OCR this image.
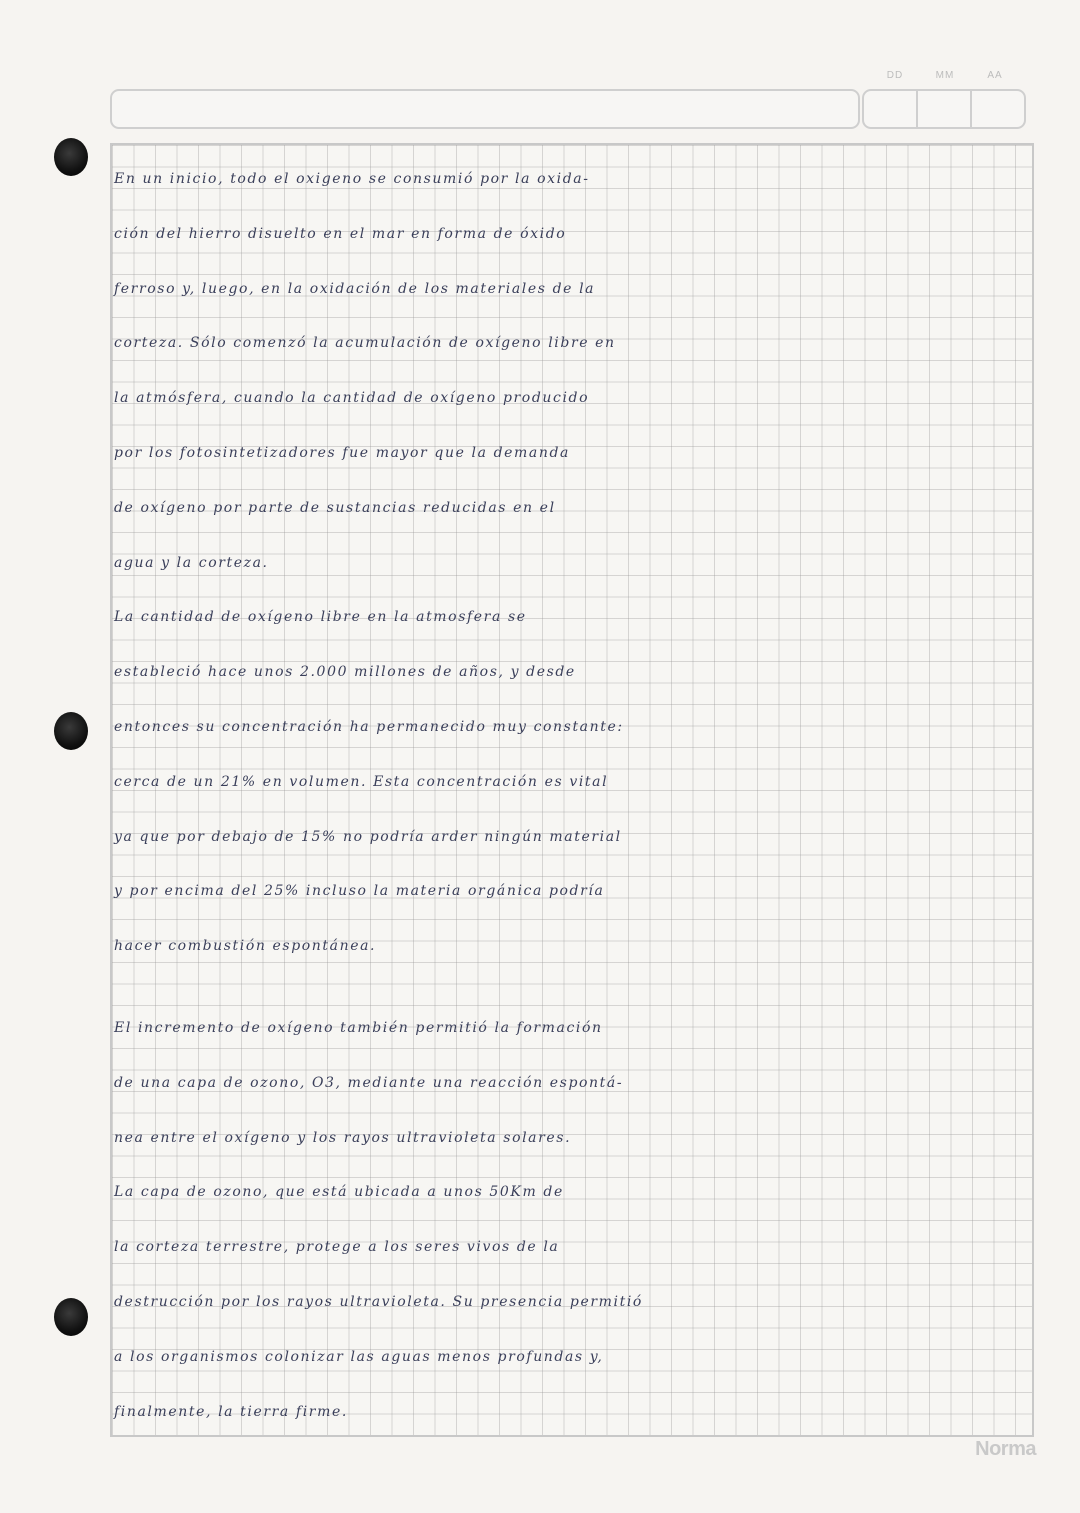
DD	MM	AA
En un inicio, todo el oxigeno se consumió por la oxida-
ción del hierro disuelto en el mar en forma de óxido
ferroso y, luego, en la oxidación de los materiales de la
corteza. Sólo comenzó la acumulación de oxígeno libre en
la atmósfera, cuando la cantidad de oxígeno producido
por los fotosintetizadores fue mayor que la demanda
de oxígeno por parte de sustancias reducidas en el
agua y la corteza.
La cantidad de oxígeno libre en la atmosfera se
estableció hace unos 2.000 millones de años, y desde
entonces su concentración ha permanecido muy constante:
cerca de un 21% en volumen. Esta concentración es vital
ya que por debajo de 15% no podría arder ningún material
y por encima del 25% incluso la materia orgánica podría
hacer combustión espontánea.
El incremento de oxígeno también permitió la formación
de una capa de ozono, O3, mediante una reacción espontá-
nea entre el oxígeno y los rayos ultravioleta solares.
La capa de ozono, que está ubicada a unos 50Km de
la corteza terrestre, protege a los seres vivos de la
destrucción por los rayos ultravioleta. Su presencia permitió
a los organismos colonizar las aguas menos profundas y,
finalmente, la tierra firme.
Norma
